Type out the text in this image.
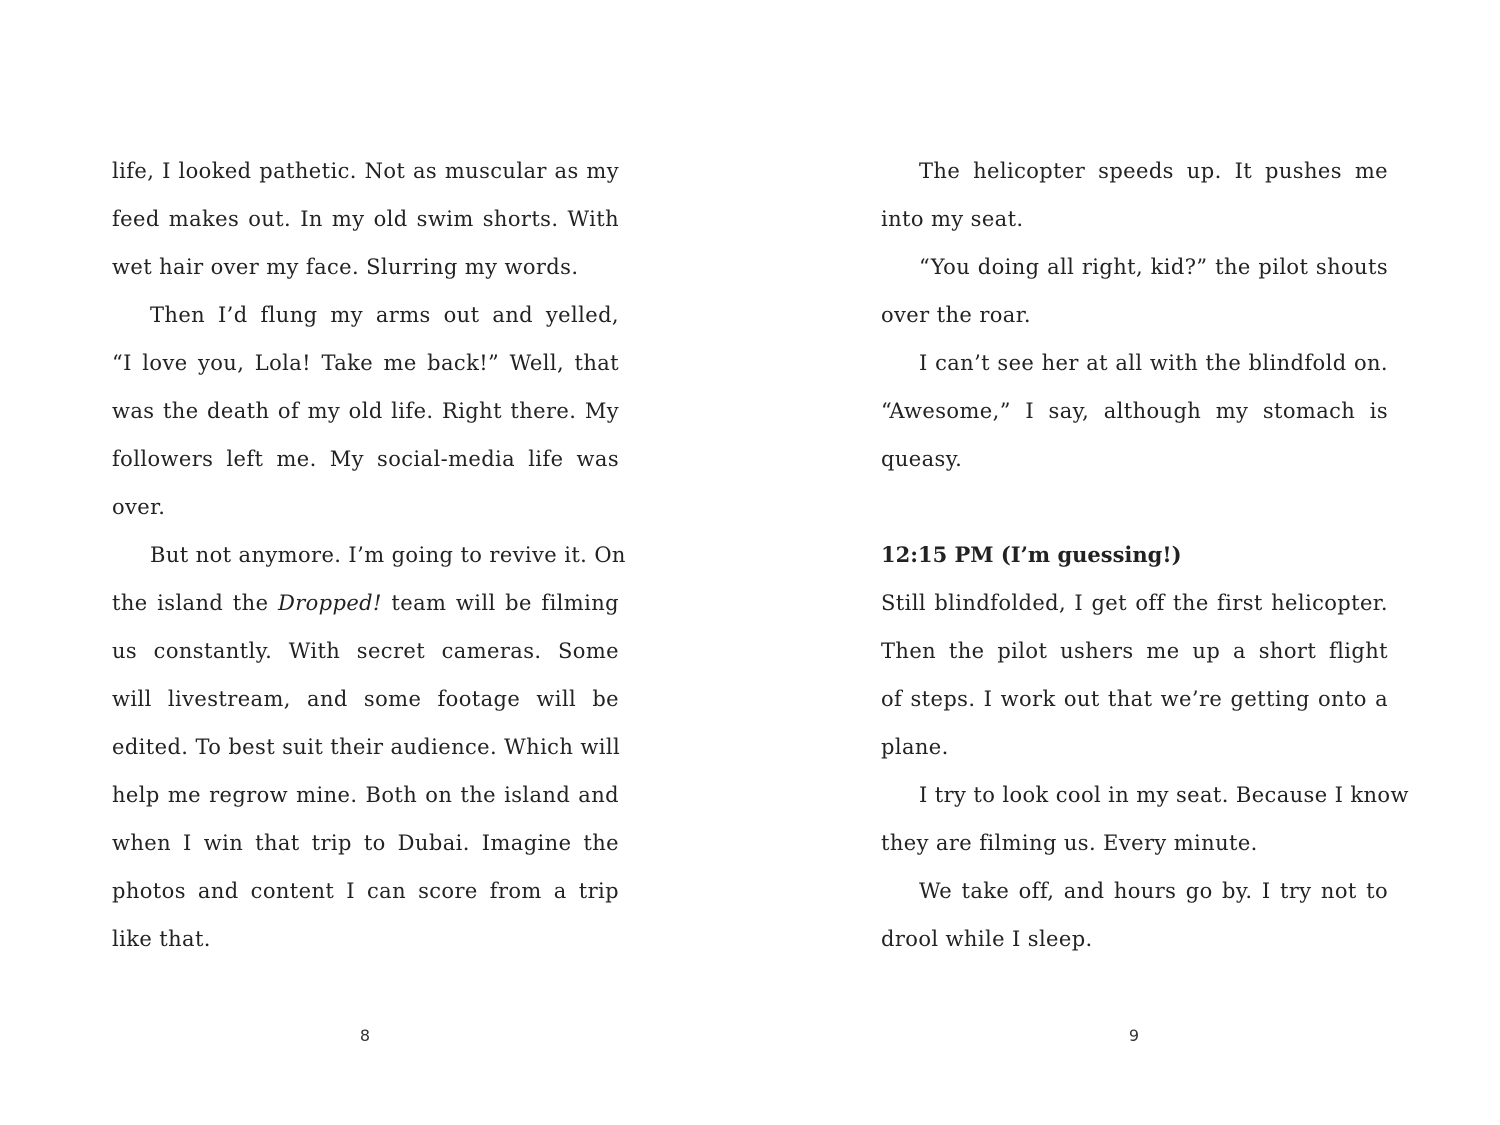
life, I looked pathetic. Not as muscular as my
feed makes out. In my old swim shorts. With
wet hair over my face. Slurring my words.
Then I’d flung my arms out and yelled,
“I love you, Lola! Take me back!” Well, that
was the death of my old life. Right there. My
followers left me. My social-media life was
over.
But not anymore. I’m going to revive it. On
the island the Dropped! team will be filming
us constantly. With secret cameras. Some
will livestream, and some footage will be
edited. To best suit their audience. Which will
help me regrow mine. Both on the island and
when I win that trip to Dubai. Imagine the
photos and content I can score from a trip
like that.
The helicopter speeds up. It pushes me
into my seat.
“You doing all right, kid?” the pilot shouts
over the roar.
I can’t see her at all with the blindfold on.
“Awesome,” I say, although my stomach is
queasy.
12:15 PM (I’m guessing!)
Still blindfolded, I get off the first helicopter.
Then the pilot ushers me up a short flight
of steps. I work out that we’re getting onto a
plane.
I try to look cool in my seat. Because I know
they are filming us. Every minute.
We take off, and hours go by. I try not to
drool while I sleep.
8	9
